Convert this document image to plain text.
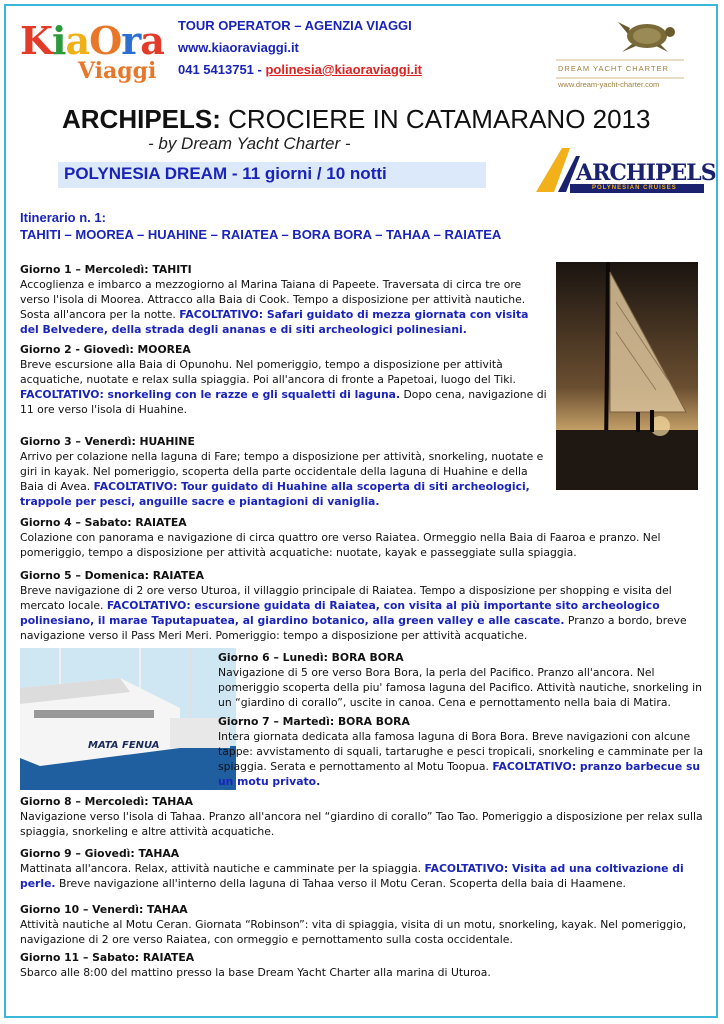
KiaOra
Viaggi
TOUR OPERATOR – AGENZIA VIAGGI
www.kiaoraviaggi.it
041 5413751 - polinesia@kiaoraviaggi.it	DREAM YACHT CHARTER
www.dream-yacht-charter.com
ARCHIPELS: CROCIERE IN CATAMARANO 2013
- by Dream Yacht Charter -
POLYNESIA DREAM - 11 giorni / 10 notti	ARCHIPELS
POLYNESIAN CRUISES
Itinerario n. 1:
TAHITI – MOOREA – HUAHINE – RAIATEA – BORA BORA – TAHAA – RAIATEA
MATA FENUA
Giorno 1 – Mercoledì: TAHITI
Accoglienza e imbarco a mezzogiorno al Marina Taiana di Papeete. Traversata di circa tre ore verso l'isola di Moorea. Attracco alla Baia di Cook. Tempo a disposizione per attività nautiche. Sosta all'ancora per la notte. FACOLTATIVO: Safari guidato di mezza giornata con visita del Belvedere, della strada degli ananas e di siti archeologici polinesiani.
Giorno 2 - Giovedì: MOOREA
Breve escursione alla Baia di Opunohu. Nel pomeriggio, tempo a disposizione per attività acquatiche, nuotate e relax sulla spiaggia. Poi all'ancora di fronte a Papetoai, luogo del Tiki. FACOLTATIVO: snorkeling con le razze e gli squaletti di laguna. Dopo cena, navigazione di 11 ore verso l'isola di Huahine.
Giorno 3 – Venerdì: HUAHINE
Arrivo per colazione nella laguna di Fare; tempo a disposizione per attività, snorkeling, nuotate e giri in kayak. Nel pomeriggio, scoperta della parte occidentale della laguna di Huahine e della Baia di Avea. FACOLTATIVO: Tour guidato di Huahine alla scoperta di siti archeologici, trappole per pesci, anguille sacre e piantagioni di vaniglia.
Giorno 4 – Sabato: RAIATEA
Colazione con panorama e navigazione di circa quattro ore verso Raiatea. Ormeggio nella Baia di Faaroa e pranzo. Nel pomeriggio, tempo a disposizione per attività acquatiche: nuotate, kayak e passeggiate sulla spiaggia.
Giorno 5 – Domenica: RAIATEA
Breve navigazione di 2 ore verso Uturoa, il villaggio principale di Raiatea. Tempo a disposizione per shopping e visita del mercato locale. FACOLTATIVO: escursione guidata di Raiatea, con visita al più importante sito archeologico polinesiano, il marae Taputapuatea, al giardino botanico, alla green valley e alle cascate. Pranzo a bordo, breve navigazione verso il Pass Meri Meri. Pomeriggio: tempo a disposizione per attività acquatiche.
Giorno 6 – Lunedì: BORA BORA
Navigazione di 5 ore verso Bora Bora, la perla del Pacifico. Pranzo all'ancora. Nel pomeriggio scoperta della piu' famosa laguna del Pacifico. Attività nautiche, snorkeling in un “giardino di corallo”, uscite in canoa. Cena e pernottamento nella baia di Matira.
Giorno 7 – Martedì: BORA BORA
Intera giornata dedicata alla famosa laguna di Bora Bora. Breve navigazioni con alcune tappe: avvistamento di squali, tartarughe e pesci tropicali, snorkeling e camminate per la spiaggia. Serata e pernottamento al Motu Toopua. FACOLTATIVO: pranzo barbecue su un motu privato.
Giorno 8 – Mercoledì: TAHAA
Navigazione verso l'isola di Tahaa. Pranzo all'ancora nel “giardino di corallo” Tao Tao. Pomeriggio a disposizione per relax sulla spiaggia, snorkeling e altre attività acquatiche.
Giorno 9 – Giovedì: TAHAA
Mattinata all'ancora. Relax, attività nautiche e camminate per la spiaggia. FACOLTATIVO: Visita ad una coltivazione di perle. Breve navigazione all'interno della laguna di Tahaa verso il Motu Ceran. Scoperta della baia di Haamene.
Giorno 10 – Venerdì: TAHAA
Attività nautiche al Motu Ceran. Giornata “Robinson”: vita di spiaggia, visita di un motu, snorkeling, kayak. Nel pomeriggio, navigazione di 2 ore verso Raiatea, con ormeggio e pernottamento sulla costa occidentale.
Giorno 11 – Sabato: RAIATEA
Sbarco alle 8:00 del mattino presso la base Dream Yacht Charter alla marina di Uturoa.
